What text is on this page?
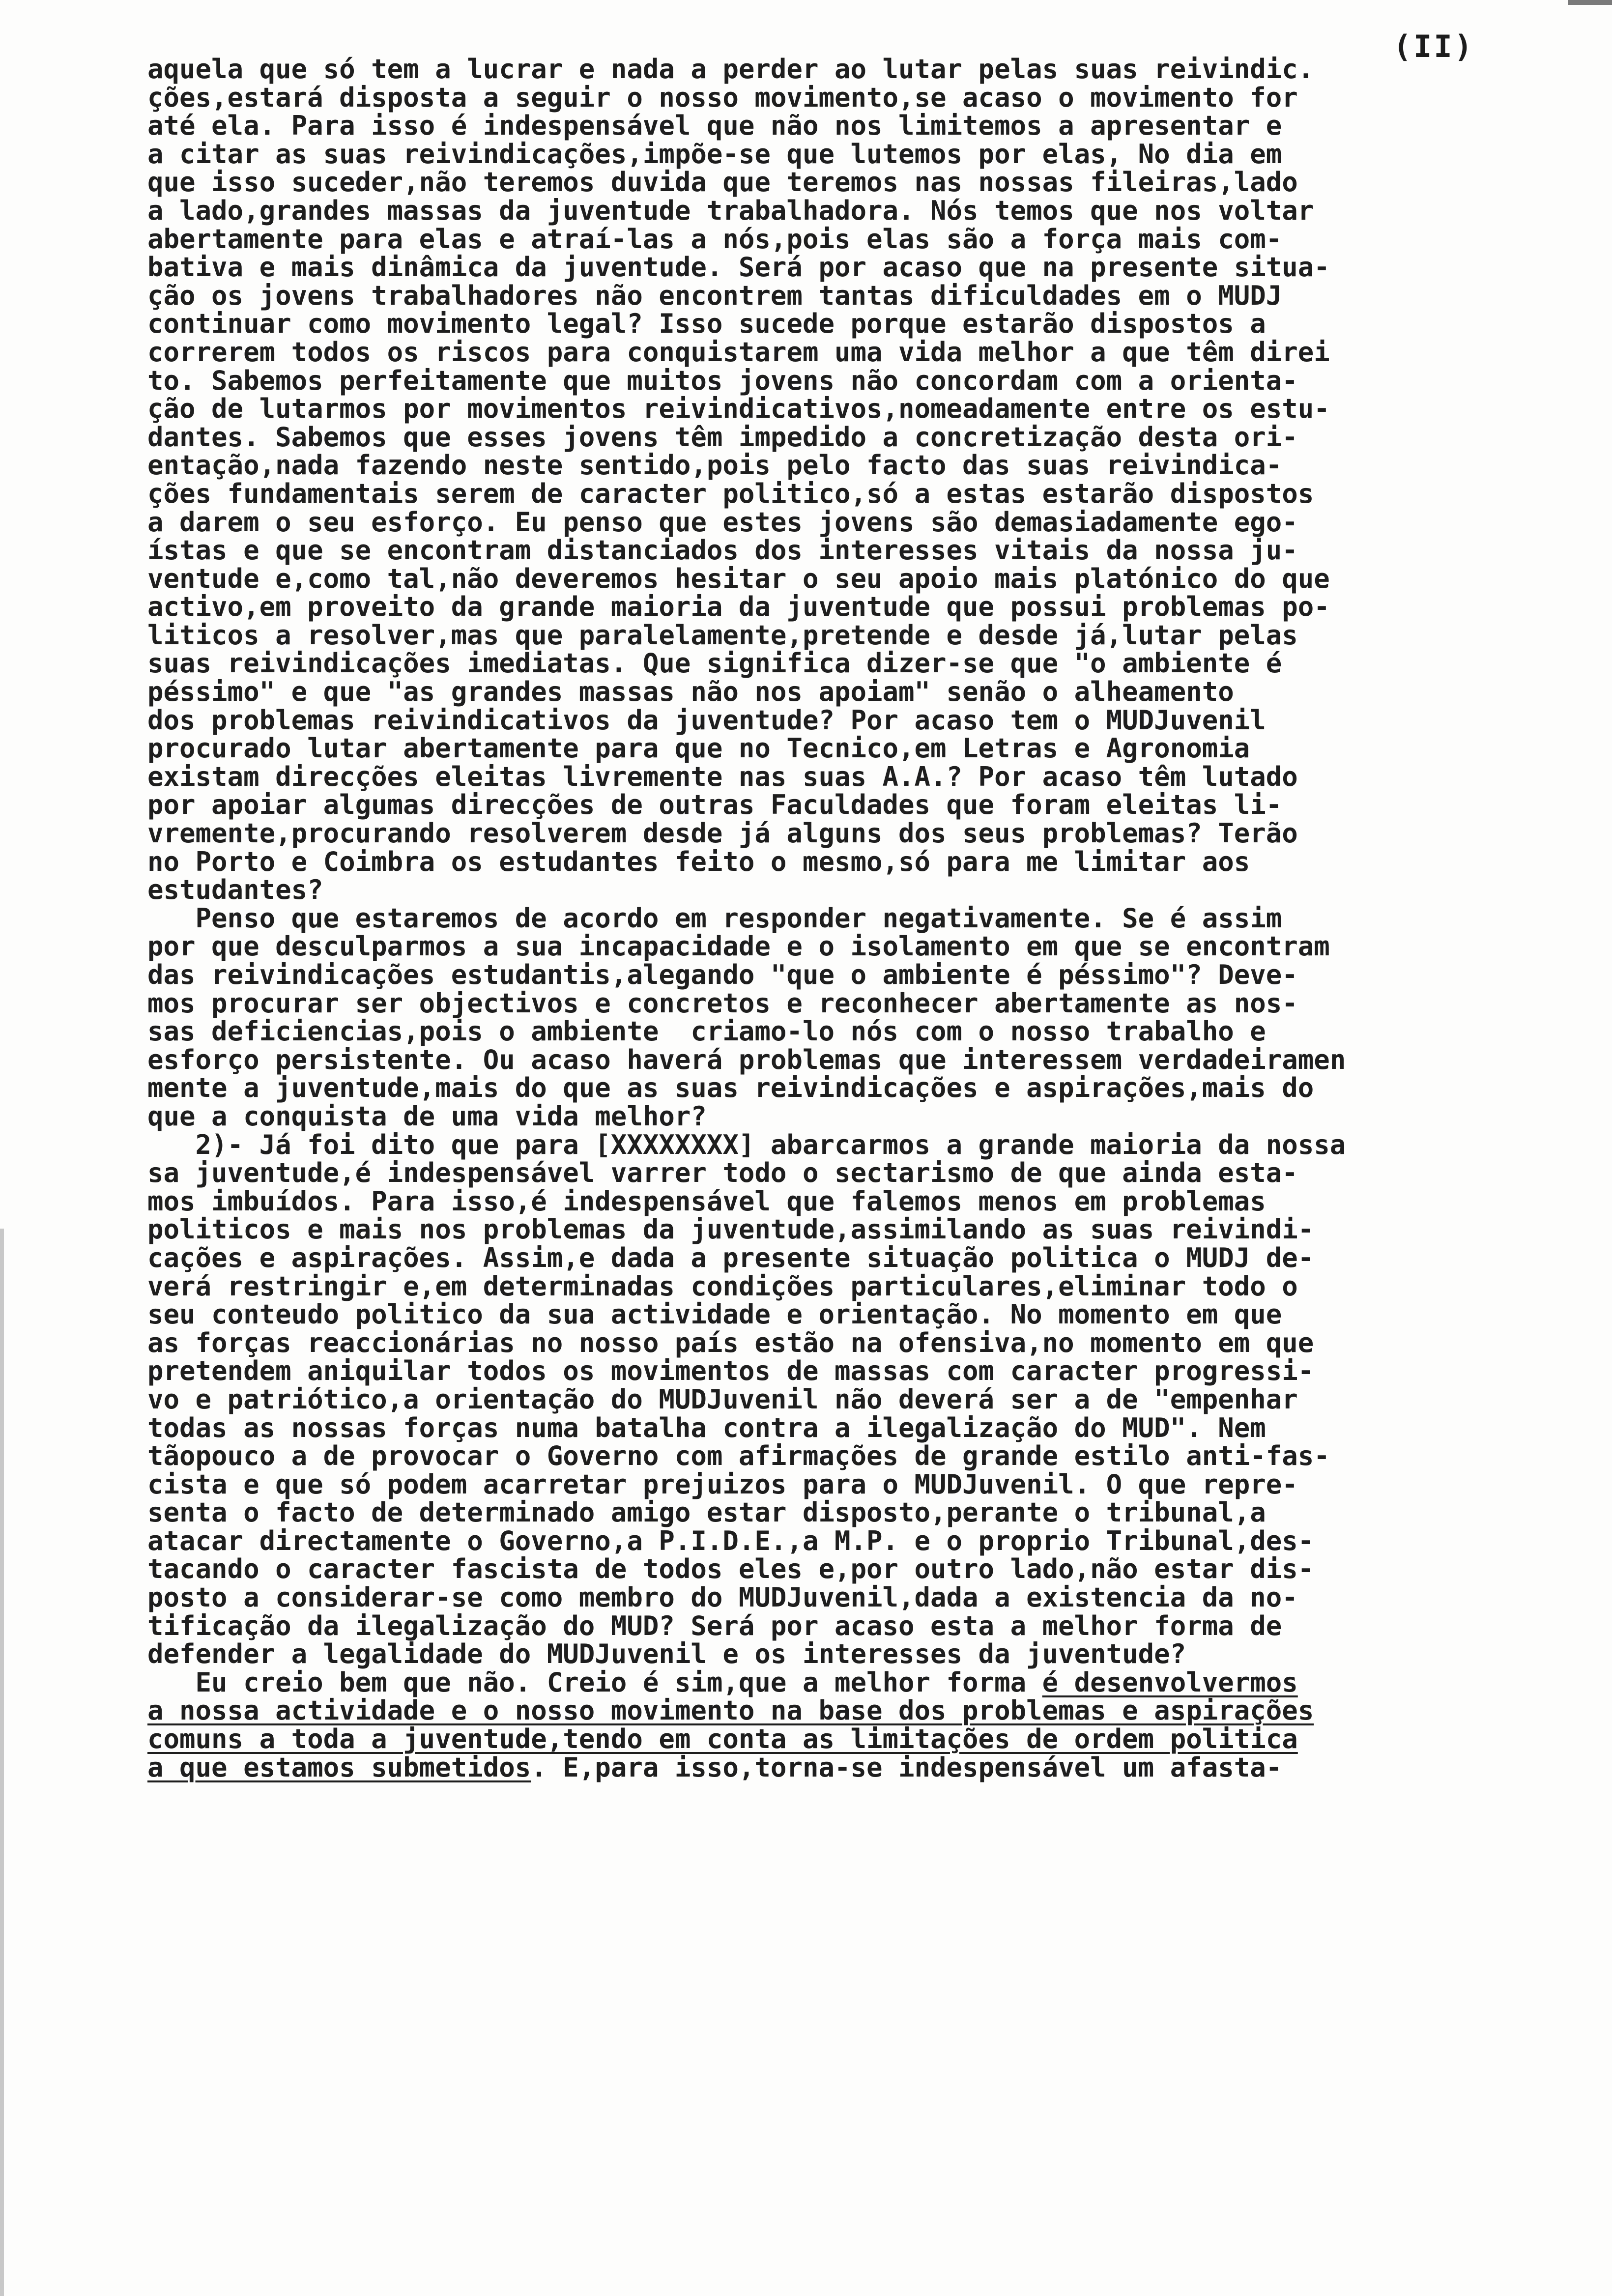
(II)
aquela que só tem a lucrar e nada a perder ao lutar pelas suas reivindic.
ções,estará disposta a seguir o nosso movimento,se acaso o movimento for
até ela. Para isso é indespensável que não nos limitemos a apresentar e
a citar as suas reivindicações,impõe-se que lutemos por elas, No dia em
que isso suceder,não teremos duvida que teremos nas nossas fileiras,lado
a lado,grandes massas da juventude trabalhadora. Nós temos que nos voltar
abertamente para elas e atraí-las a nós,pois elas são a força mais com-
bativa e mais dinâmica da juventude. Será por acaso que na presente situa-
ção os jovens trabalhadores não encontrem tantas dificuldades em o MUDJ
continuar como movimento legal? Isso sucede porque estarão dispostos a
correrem todos os riscos para conquistarem uma vida melhor a que têm direi
to. Sabemos perfeitamente que muitos jovens não concordam com a orienta-
ção de lutarmos por movimentos reivindicativos,nomeadamente entre os estu-
dantes. Sabemos que esses jovens têm impedido a concretização desta ori-
entação,nada fazendo neste sentido,pois pelo facto das suas reivindica-
ções fundamentais serem de caracter politico,só a estas estarão dispostos
a darem o seu esforço. Eu penso que estes jovens são demasiadamente ego-
ístas e que se encontram distanciados dos interesses vitais da nossa ju-
ventude e,como tal,não deveremos hesitar o seu apoio mais platónico do que
activo,em proveito da grande maioria da juventude que possui problemas po-
liticos a resolver,mas que paralelamente,pretende e desde já,lutar pelas
suas reivindicações imediatas. Que significa dizer-se que "o ambiente é
péssimo" e que "as grandes massas não nos apoiam" senão o alheamento
dos problemas reivindicativos da juventude? Por acaso tem o MUDJuvenil
procurado lutar abertamente para que no Tecnico,em Letras e Agronomia
existam direcções eleitas livremente nas suas A.A.? Por acaso têm lutado
por apoiar algumas direcções de outras Faculdades que foram eleitas li-
vremente,procurando resolverem desde já alguns dos seus problemas? Terão
no Porto e Coimbra os estudantes feito o mesmo,só para me limitar aos
estudantes?
Penso que estaremos de acordo em responder negativamente. Se é assim
por que desculparmos a sua incapacidade e o isolamento em que se encontram
das reivindicações estudantis,alegando "que o ambiente é péssimo"? Deve-
mos procurar ser objectivos e concretos e reconhecer abertamente as nos-
sas deficiencias,pois o ambiente  criamo-lo nós com o nosso trabalho e
esforço persistente. Ou acaso haverá problemas que interessem verdadeiramen
mente a juventude,mais do que as suas reivindicações e aspirações,mais do
que a conquista de uma vida melhor?
2)- Já foi dito que para [XXXXXXXX] abarcarmos a grande maioria da nossa
sa juventude,é indespensável varrer todo o sectarismo de que ainda esta-
mos imbuídos. Para isso,é indespensável que falemos menos em problemas
politicos e mais nos problemas da juventude,assimilando as suas reivindi-
cações e aspirações. Assim,e dada a presente situação politica o MUDJ de-
verá restringir e,em determinadas condições particulares,eliminar todo o
seu conteudo politico da sua actividade e orientação. No momento em que
as forças reaccionárias no nosso país estão na ofensiva,no momento em que
pretendem aniquilar todos os movimentos de massas com caracter progressi-
vo e patriótico,a orientação do MUDJuvenil não deverá ser a de "empenhar
todas as nossas forças numa batalha contra a ilegalização do MUD". Nem
tãopouco a de provocar o Governo com afirmações de grande estilo anti-fas-
cista e que só podem acarretar prejuizos para o MUDJuvenil. O que repre-
senta o facto de determinado amigo estar disposto,perante o tribunal,a
atacar directamente o Governo,a P.I.D.E.,a M.P. e o proprio Tribunal,des-
tacando o caracter fascista de todos eles e,por outro lado,não estar dis-
posto a considerar-se como membro do MUDJuvenil,dada a existencia da no-
tificação da ilegalização do MUD? Será por acaso esta a melhor forma de
defender a legalidade do MUDJuvenil e os interesses da juventude?
Eu creio bem que não. Creio é sim,que a melhor forma é desenvolvermos
a nossa actividade e o nosso movimento na base dos problemas e aspirações
comuns a toda a juventude,tendo em conta as limitações de ordem politica
a que estamos submetidos. E,para isso,torna-se indespensável um afasta-
